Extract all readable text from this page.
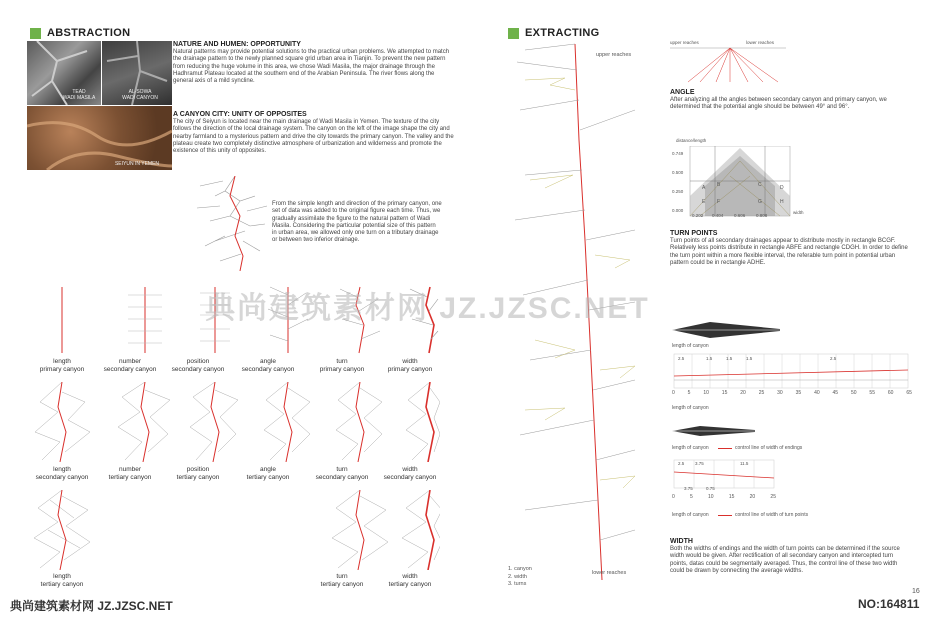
ABSTRACTION
TEAD
WADI MASILA
AL-SOWA
WADI CANYON
SEIYUN IN YEMEN
NATURE AND HUMEN: OPPORTUNITY
Natural patterns may provide potential solutions to the practical urban problems. We attempted to match the drainage pattern to the newly planned square grid urban area in Tianjin. To prevent the new pattern from reducing the huge volume in this area, we chose Wadi Masila, the major drainage through the Hadhramut Plateau located at the southern end of the Arabian Peninsula. The river flows along the general axis of a mild syncline.
A CANYON CITY: UNITY OF OPPOSITES
The city of Seiyun is located near the main drainage of Wadi Masila in Yemen. The texture of the city follows the direction of the local drainage system. The canyon on the left of the image shape the city and nearby farmland to a mysterious pattern and drive the city towards the primary canyon. The valley and the plateau create two completely distinctive atmosphere of urbanization and wilderness and promote the existence of this unity of opposites.
From the simple length and direction of the primary canyon, one set of data was added to the original figure each time. Thus, we gradually assimilate the figure to the natural pattern of Wadi Masila. Considering the particular potential size of this pattern in urban area, we allowed only one turn on a tributary drainage or between two inferior drainage.
length
primary canyon
number
secondary canyon
position
secondary canyon
angle
secondary canyon
turn
primary canyon
width
primary canyon
length
secondary canyon
number
tertiary canyon
position
tertiary canyon
angle
tertiary canyon
turn
secondary canyon
width
secondary canyon
length
tertiary canyon
turn
tertiary canyon
width
tertiary canyon
EXTRACTING
upper reaches
lower reaches
1. canyon
2. width
3. turns
upper reaches	lower reaches
ANGLE
After analyzing all the angles between secondary canyon and primary canyon, we determined that the potential angle should be between 49° and 96°.
distance/length
0.749
0.500
0.250
0.000
0.202 0.404 0.606 0.808
width
A B	C	D
E F	G	H
TURN POINTS
Turn points of all secondary drainages appear to distribute mostly in rectangle BCGF. Relatively less points distribute in rectangle ABFE and rectangle CDGH. In order to define the turn point within a more flexible interval, the referable turn point in potential urban pattern could be in rectangle ADHE.
length of canyon
2.5	1.5	1.5	1.5	2.5
0	5	10	15	20	25	30	35	40	45	50	55	60	65
length of canyon
length of canyon	control line of width of endings
2.5 3.75	11.5
3.75	0.75
0	5	10	15	20	25
length of canyon	control line of width of turn points
WIDTH
Both the widths of endings and the width of turn points can be determined if the source width would be given. After rectification of all secondary canyon and intercepted turn points, datas could be segmentally averaged. Thus, the control line of these two width could be drawn by connecting the average widths.
16
典尚建筑素材网 JZ.JZSC.NET
典尚建筑素材网 JZ.JZSC.NET	NO:164811
